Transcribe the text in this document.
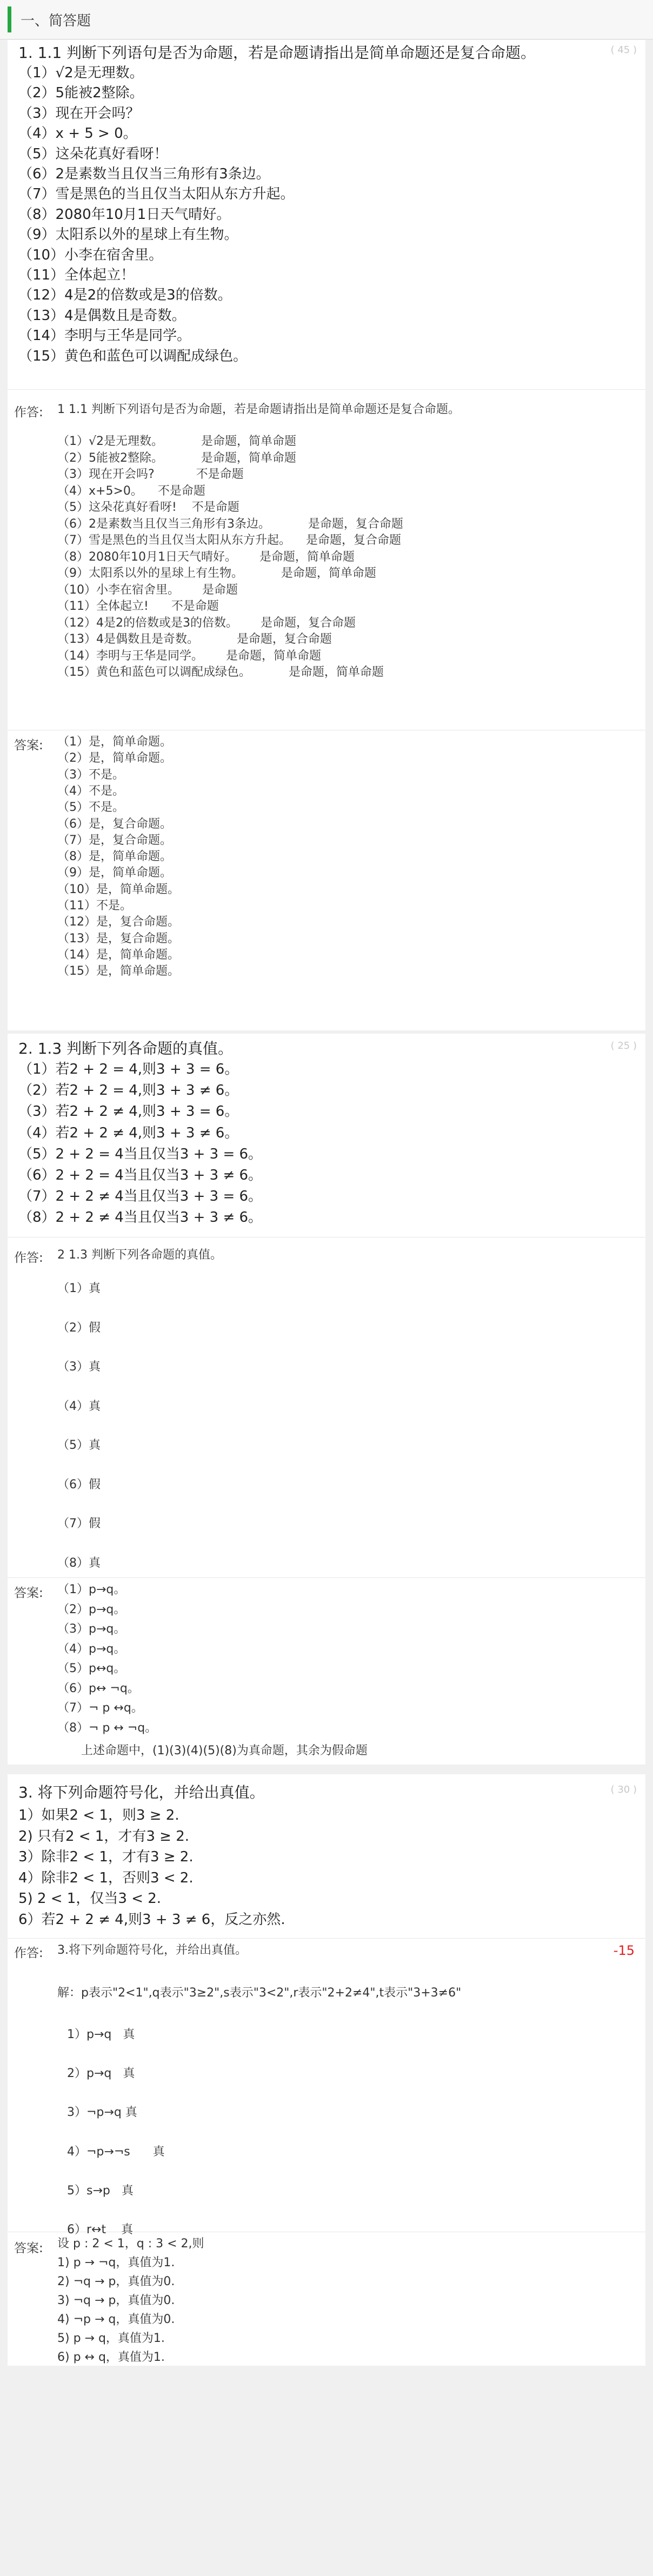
一、简答题
1. 1.1 判断下列语句是否为命题，若是命题请指出是简单命题还是复合命题。	( 45 )
作答: 1 1.1 判断下列语句是否为命题，若是命题请指出是简单命题还是复合命题。
答案:
（1）√2是无理数。
（2）5能被2整除。
（3）现在开会吗？
（4）x + 5 > 0。
（5）这朵花真好看呀！
（6）2是素数当且仅当三角形有3条边。
（7）雪是黑色的当且仅当太阳从东方升起。
（8）2080年10月1日天气晴好。
（9）太阳系以外的星球上有生物。
（10）小李在宿舍里。
（11）全体起立！
（12）4是2的倍数或是3的倍数。
（13）4是偶数且是奇数。
（14）李明与王华是同学。
（15）黄色和蓝色可以调配成绿色。
（1）√2是无理数。          是命题，简单命题
（2）5能被2整除。          是命题，简单命题
（3）现在开会吗?           不是命题
（4）x+5>0。    不是命题
（5）这朵花真好看呀!    不是命题
（6）2是素数当且仅当三角形有3条边。          是命题，复合命题
（7）雪是黑色的当且仅当太阳从东方升起。    是命题，复合命题
（8）2080年10月1日天气晴好。      是命题，简单命题
（9）太阳系以外的星球上有生物。          是命题，简单命题
（10）小李在宿舍里。      是命题
（11）全体起立!      不是命题
（12）4是2的倍数或是3的倍数。      是命题，复合命题
（13）4是偶数且是奇数。          是命题，复合命题
（14）李明与王华是同学。      是命题，简单命题
（15）黄色和蓝色可以调配成绿色。          是命题，简单命题
（1）是，简单命题。
（2）是，简单命题。
（3）不是。
（4）不是。
（5）不是。
（6）是，复合命题。
（7）是，复合命题。
（8）是，简单命题。
（9）是，简单命题。
（10）是，简单命题。
（11）不是。
（12）是，复合命题。
（13）是，复合命题。
（14）是，简单命题。
（15）是，简单命题。
2. 1.3 判断下列各命题的真值。	( 25 )
作答: 2 1.3 判断下列各命题的真值。
答案:
上述命题中，(1)(3)(4)(5)(8)为真命题，其余为假命题
（1）若2 + 2 = 4,则3 + 3 = 6。
（2）若2 + 2 = 4,则3 + 3 ≠ 6。
（3）若2 + 2 ≠ 4,则3 + 3 = 6。
（4）若2 + 2 ≠ 4,则3 + 3 ≠ 6。
（5）2 + 2 = 4当且仅当3 + 3 = 6。
（6）2 + 2 = 4当且仅当3 + 3 ≠ 6。
（7）2 + 2 ≠ 4当且仅当3 + 3 = 6。
（8）2 + 2 ≠ 4当且仅当3 + 3 ≠ 6。
（1）真
（2）假
（3）真
（4）真
（5）真
（6）假
（7）假
（8）真
（1）p→q。
（2）p→q。
（3）p→q。
（4）p→q。
（5）p↔q。
（6）p↔ ¬q。
（7）¬ p ↔q。
（8）¬ p ↔ ¬q。
3. 将下列命题符号化，并给出真值。	( 30 )
作答: 3.将下列命题符号化，并给出真值。	-15
解：p表示"2<1",q表示"3≥2",s表示"3<2",r表示"2+2≠4",t表示"3+3≠6"
答案:
1）如果2 < 1，则3 ≥ 2.
2) 只有2 < 1，才有3 ≥ 2.
3）除非2 < 1，才有3 ≥ 2.
4）除非2 < 1，否则3 < 2.
5) 2 < 1，仅当3 < 2.
6）若2 + 2 ≠ 4,则3 + 3 ≠ 6，反之亦然.
1）p→q   真
2）p→q   真
3）¬p→q 真
4）¬p→¬s      真
5）s→p   真
6）r↔t    真
设 p : 2 < 1，q : 3 < 2,则
1) p → ¬q，真值为1.
2) ¬q → p，真值为0.
3) ¬q → p，真值为0.
4) ¬p → q，真值为0.
5) p → q，真值为1.
6) p ↔ q，真值为1.
